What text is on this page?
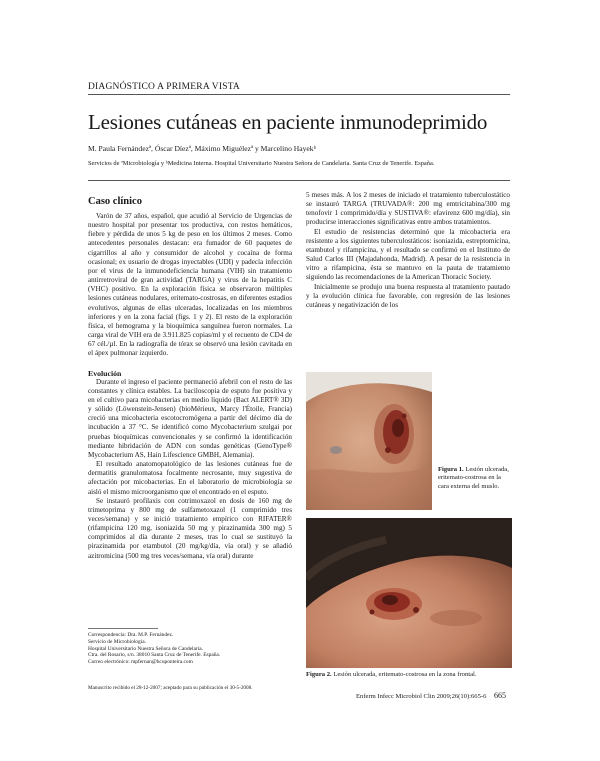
DIAGNÓSTICO A PRIMERA VISTA
Lesiones cutáneas en paciente inmunodeprimido
M. Paula Fernándezª, Óscar Díezª, Máximo Miguélezª y Marcelino Hayekᵇ
Servicios de ªMicrobiología y ᵇMedicina Interna. Hospital Universitario Nuestra Señora de Candelaria. Santa Cruz de Tenerife. España.
Caso clínico

Varón de 37 años, español, que acudió al Servicio de Urgencias de nuestro hospital por presentar tos productiva, con restos hemáticos, fiebre y pérdida de unos 5 kg de peso en los últimos 2 meses. Como antecedentes personales destacan: era fumador de 60 paquetes de cigarrillos al año y consumidor de alcohol y cocaína de forma ocasional; ex usuario de drogas inyectables (UDI) y padecía infección por el virus de la inmunodeficiencia humana (VIH) sin tratamiento antirretroviral de gran actividad (TARGA) y virus de la hepatitis C (VHC) positivo. En la exploración física se observaron múltiples lesiones cutáneas nodulares, eritemato-costrosas, en diferentes estadios evolutivos, algunas de ellas ulceradas, localizadas en los miembros inferiores y en la zona facial (figs. 1 y 2). El resto de la exploración física, el hemograma y la bioquímica sanguínea fueron normales. La carga viral de VIH era de 3.911.825 copias/ml y el recuento de CD4 de 67 cél./µl. En la radiografía de tórax se observó una lesión cavitada en el ápex pulmonar izquierdo.

Evolución

Durante el ingreso el paciente permaneció afebril con el resto de las constantes y clínica estables. La baciloscopia de esputo fue positiva y en el cultivo para micobacterias en medio líquido (Bact ALERT® 3D) y sólido (Löwenstein-Jensen) (bioMérieux, Marcy l'Étoile, Francia) creció una micobacteria escotocromógena a partir del décimo día de incubación a 37 °C. Se identificó como Mycobacterium szulgai por pruebas bioquímicas convencionales y se confirmó la identificación mediante hibridación de ADN con sondas genéticas (GenoType® Mycobacterium AS, Hain Lifescience GMBH, Alemania).

El resultado anatomopatológico de las lesiones cutáneas fue de dermatitis granulomatosa focalmente necrosante, muy sugestiva de afectación por micobacterias. En el laboratorio de microbiología se aisló el mismo microorganismo que el encontrado en el esputo.

Se instauró profilaxis con cotrimoxazol en dosis de 160 mg de trimetoprima y 800 mg de sulfametoxazol (1 comprimido tres veces/semana) y se inició tratamiento empírico con RIFATER® (rifampicina 120 mg, isoniazida 50 mg y pirazinamida 300 mg) 5 comprimidos al día durante 2 meses, tras lo cual se sustituyó la pirazinamida por etambutol (20 mg/kg/día, vía oral) y se añadió azitromicina (500 mg tres veces/semana, vía oral) durante

Correspondencia: Dra. M.P. Fernández.
Servicio de Microbiología.
Hospital Universitario Nuestra Señora de Candelaria.
Ctra. del Rosario, s/n. 38010 Santa Cruz de Tenerife. España.
Correo electrónico: mpfernan@hcuponteira.com
Manuscrito recibido el 28-12-2007; aceptado para su publicación el 30-5-2008.

5 meses más. A los 2 meses de iniciado el tratamiento tuberculostático se instauró TARGA (TRUVADA®: 200 mg emtricitabina/300 mg tenofovir 1 comprimido/día y SUSTIVA®: efavirenz 600 mg/día), sin producirse interacciones significativas entre ambos tratamientos.

El estudio de resistencias determinó que la micobacteria era resistente a los siguientes tuberculostáticos: isoniazida, estreptomicina, etambutol y rifampicina, y el resultado se confirmó en el Instituto de Salud Carlos III (Majadahonda, Madrid). A pesar de la resistencia in vitro a rifampicina, ésta se mantuvo en la pauta de tratamiento siguiendo las recomendaciones de la American Thoracic Society.

Inicialmente se produjo una buena respuesta al tratamiento pautado y la evolución clínica fue favorable, con regresión de las lesiones cutáneas y negativización de los

Figura 1. Lesión ulcerada, eritemato-costrosa en la cara externa del muslo.
Figura 2. Lesión ulcerada, eritemato-costrosa en la zona frontal.
Enferm Infecc Microbiol Clin 2009;26(10):665-6 665
